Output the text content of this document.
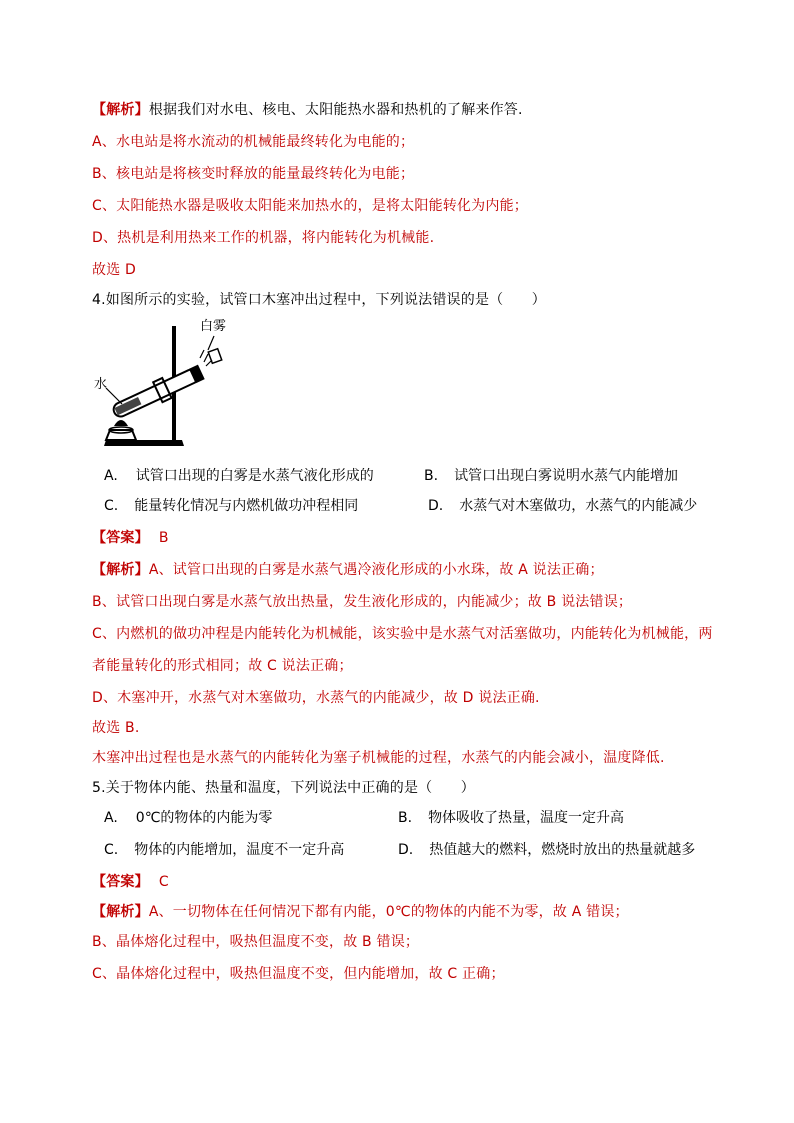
【解析】根据我们对水电、核电、太阳能热水器和热机的了解来作答.
A、水电站是将水流动的机械能最终转化为电能的；
B、核电站是将核变时释放的能量最终转化为电能；
C、太阳能热水器是吸收太阳能来加热水的，是将太阳能转化为内能；
D、热机是利用热来工作的机器，将内能转化为机械能.
故选 D
4.如图所示的实验，试管口木塞冲出过程中，下列说法错误的是（　　）
白雾
水
A. 试管口出现的白雾是水蒸气液化形成的	B. 试管口出现白雾说明水蒸气内能增加
C. 能量转化情况与内燃机做功冲程相同	D. 水蒸气对木塞做功，水蒸气的内能减少
【答案】 B
【解析】A、试管口出现的白雾是水蒸气遇冷液化形成的小水珠，故 A 说法正确；
B、试管口出现白雾是水蒸气放出热量，发生液化形成的，内能减少；故 B 说法错误；
C、内燃机的做功冲程是内能转化为机械能，该实验中是水蒸气对活塞做功，内能转化为机械能，两
者能量转化的形式相同；故 C 说法正确；
D、木塞冲开，水蒸气对木塞做功，水蒸气的内能减少，故 D 说法正确.
故选 B.
木塞冲出过程也是水蒸气的内能转化为塞子机械能的过程，水蒸气的内能会减小，温度降低.
5.关于物体内能、热量和温度，下列说法中正确的是（　　）
A. 0℃的物体的内能为零	B. 物体吸收了热量，温度一定升高
C. 物体的内能增加，温度不一定升高	D. 热值越大的燃料，燃烧时放出的热量就越多
【答案】 C
【解析】A、一切物体在任何情况下都有内能，0℃的物体的内能不为零，故 A 错误；
B、晶体熔化过程中，吸热但温度不变，故 B 错误；
C、晶体熔化过程中，吸热但温度不变，但内能增加，故 C 正确；
